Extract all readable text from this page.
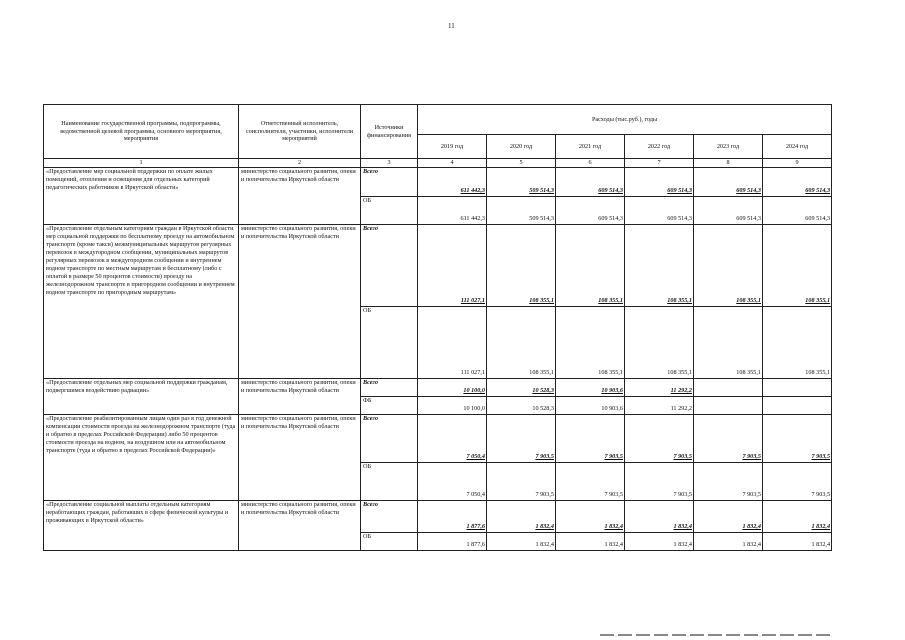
11
Наименование государственной программы, подпрограммы, ведомственной целевой программы, основного мероприятия, мероприятия	Ответственный исполнитель, соисполнители, участники, исполнители мероприятий	Источники финансирования	Расходы (тыс.руб.), годы					
			2019 год	2020 год	2021 год	2022 год	2023 год	2024 год
1	2	3	4	5	6	7	8	9
«Предоставление мер социальной поддержки по оплате жилых помещений, отопления и освещения для отдельных категорий педагогических работников в Иркутской области»	министерство социального развития, опеки и попечительства Иркутской области	Всего	611 442,3	509 514,3	609 514,3	609 514,3	609 514,3	609 514,3
		ОБ	611 442,3	509 514,3	609 514,3	609 514,3	609 514,3	609 514,3
«Предоставление отдельным категориям граждан в Иркутской области мер социальной поддержки по бесплатному проезду на автомобильном транспорте (кроме такси) межмуниципальных маршрутов регулярных перевозок в междугородном сообщении, муниципальных маршрутов регулярных перевозок в междугородном сообщении и внутреннем водном транспорте по местным маршрутам и бесплатному (либо с оплатой в размере 50 процентов стоимости) проезду на железнодорожном транспорте в пригородном сообщении и внутреннем водном транспорте по пригородным маршрутам»	министерство социального развития, опеки и попечительства Иркутской области	Всего	111 027,1	108 355,1	108 355,1	108 355,1	108 355,1	108 355,1
		ОБ	111 027,1	108 355,1	108 355,1	108 355,1	108 355,1	108 355,1
«Предоставление отдельных мер социальной поддержки гражданам, подвергшимся воздействию радиации»	министерство социального развития, опеки и попечительства Иркутской области	Всего	10 100,0	10 528,3	10 903,6	11 292,2		
		ФБ	10 100,0	10 528,3	10 903,6	11 292,2		
«Предоставление реабилитированным лицам один раз в год денежной компенсации стоимости проезда на железнодорожном транспорте (туда и обратно в пределах Российской Федерации) либо 50 процентов стоимости проезда на водном, на воздушном или на автомобильном транспорте (туда и обратно в пределах Российской Федерации)»	министерство социального развития, опеки и попечительства Иркутской области	Всего	7 050,4	7 903,5	7 903,5	7 903,5	7 903,5	7 903,5
		ОБ	7 050,4	7 903,5	7 903,5	7 903,5	7 903,5	7 903,5
«Предоставление социальной выплаты отдельным категориям неработающих граждан, работавших в сфере физической культуры и проживающих в Иркутской области»	министерство социального развития, опеки и попечительства Иркутской области	Всего	1 877,6	1 832,4	1 832,4	1 832,4	1 832,4	1 832,4
		ОБ	1 877,6	1 832,4	1 832,4	1 832,4	1 832,4	1 832,4
